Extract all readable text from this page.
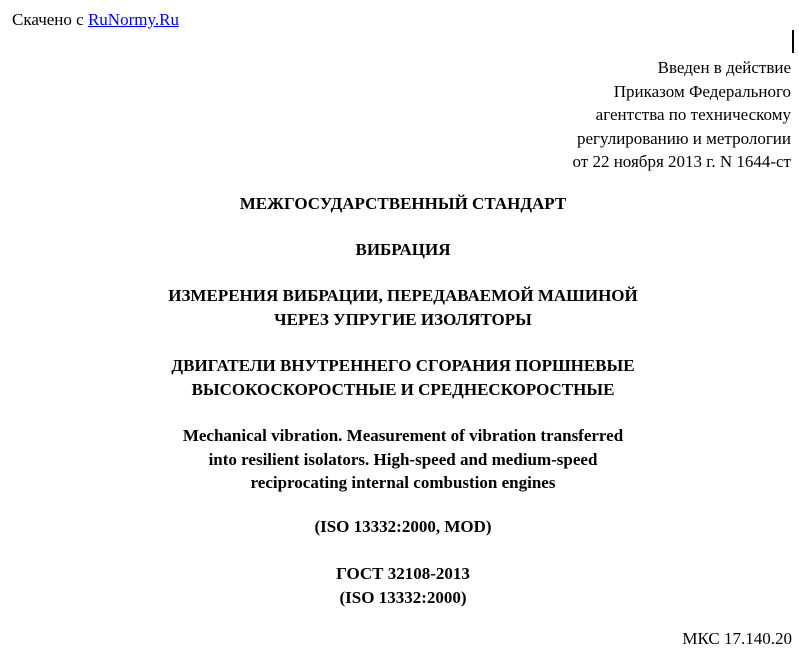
Скачено с RuNormy.Ru
Введен в действие
Приказом Федерального
агентства по техническому
регулированию и метрологии
от 22 ноября 2013 г. N 1644-ст
МЕЖГОСУДАРСТВЕННЫЙ СТАНДАРТ
ВИБРАЦИЯ
ИЗМЕРЕНИЯ ВИБРАЦИИ, ПЕРЕДАВАЕМОЙ МАШИНОЙ
ЧЕРЕЗ УПРУГИЕ ИЗОЛЯТОРЫ
ДВИГАТЕЛИ ВНУТРЕННЕГО СГОРАНИЯ ПОРШНЕВЫЕ
ВЫСОКОСКОРОСТНЫЕ И СРЕДНЕСКОРОСТНЫЕ
Mechanical vibration. Measurement of vibration transferred
into resilient isolators. High-speed and medium-speed
reciprocating internal combustion engines
(ISO 13332:2000, MOD)
ГОСТ 32108-2013
(ISO 13332:2000)
МКС 17.140.20
